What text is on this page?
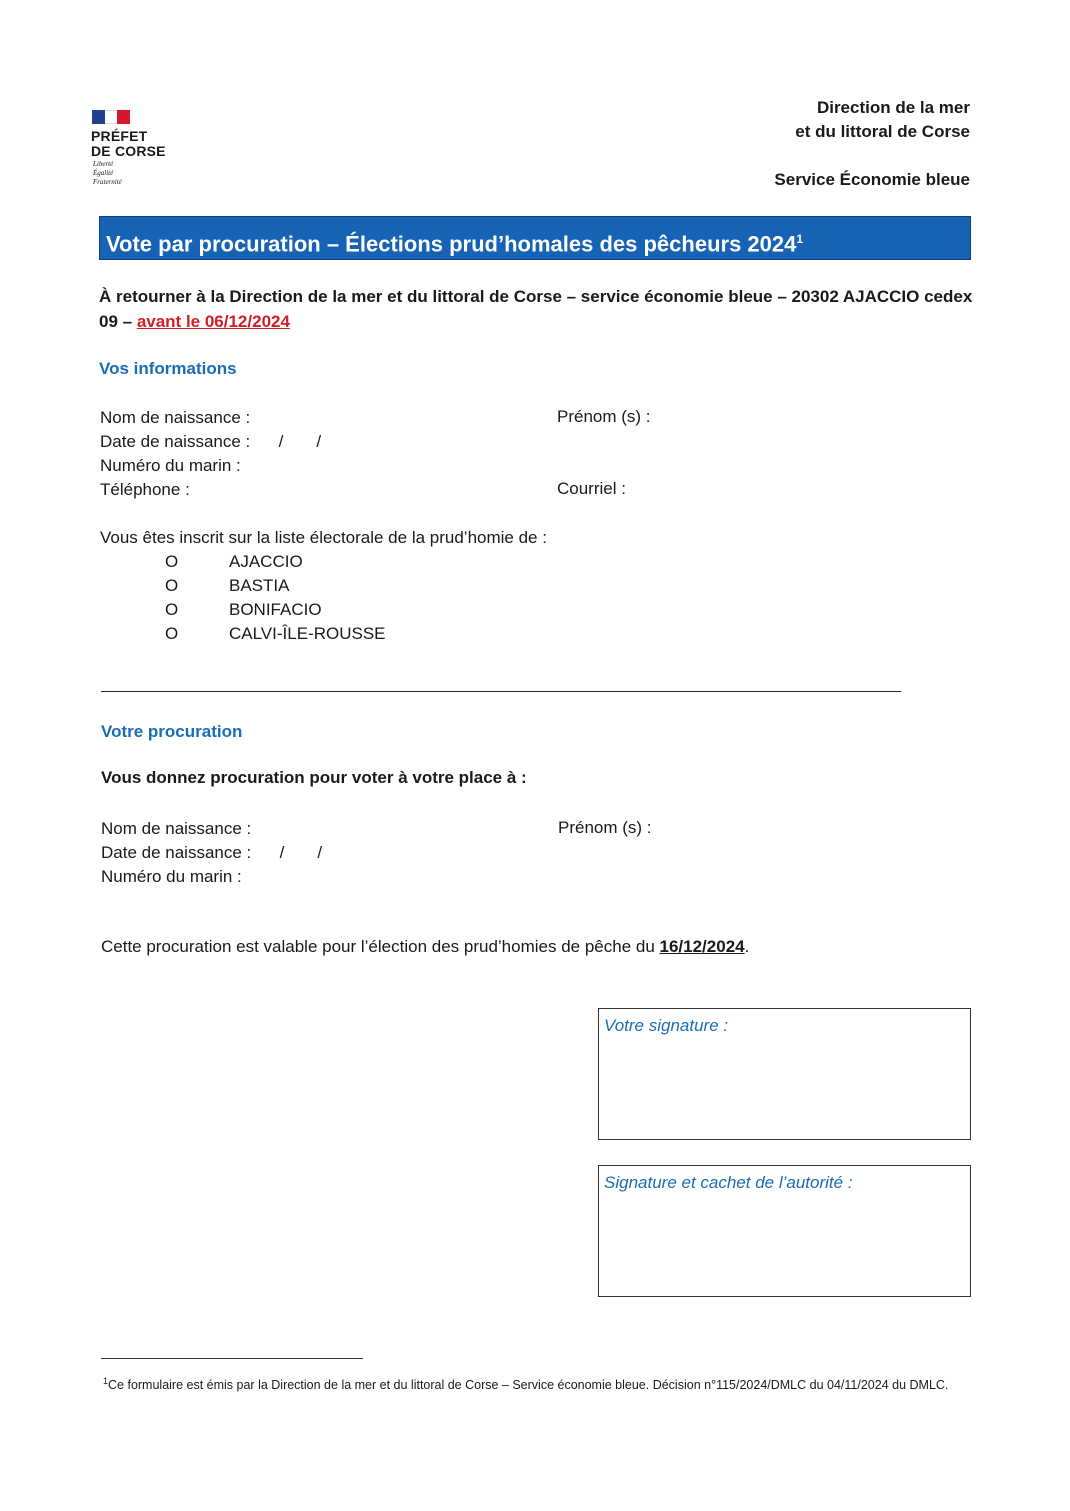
PRÉFET
DE CORSE
Liberté
Égalité
Fraternité
Direction de la mer
et du littoral de Corse
Service Économie bleue
Vote par procuration – Élections prud’homales des pêcheurs 2024$^1$
À retourner à la Direction de la mer et du littoral de Corse – service économie bleue – 20302 AJACCIO cedex 09 – avant le 06/12/2024
Vos informations
Nom de naissance :	Prénom (s) :
Date de naissance :      /       /
Numéro du marin :
Téléphone :	Courriel :
Vous êtes inscrit sur la liste électorale de la prud’homie de :
O	AJACCIO
O	BASTIA
O	BONIFACIO
O	CALVI-ÎLE-ROUSSE
Votre procuration
Vous donnez procuration pour voter à votre place à :
Nom de naissance :	Prénom (s) :
Date de naissance :      /       /
Numéro du marin :
Cette procuration est valable pour l’élection des prud’homies de pêche du 16/12/2024.
Votre signature :
Signature et cachet de l’autorité :
$^1$Ce formulaire est émis par la Direction de la mer et du littoral de Corse – Service économie bleue. Décision n°115/2024/DMLC du 04/11/2024 du DMLC.
